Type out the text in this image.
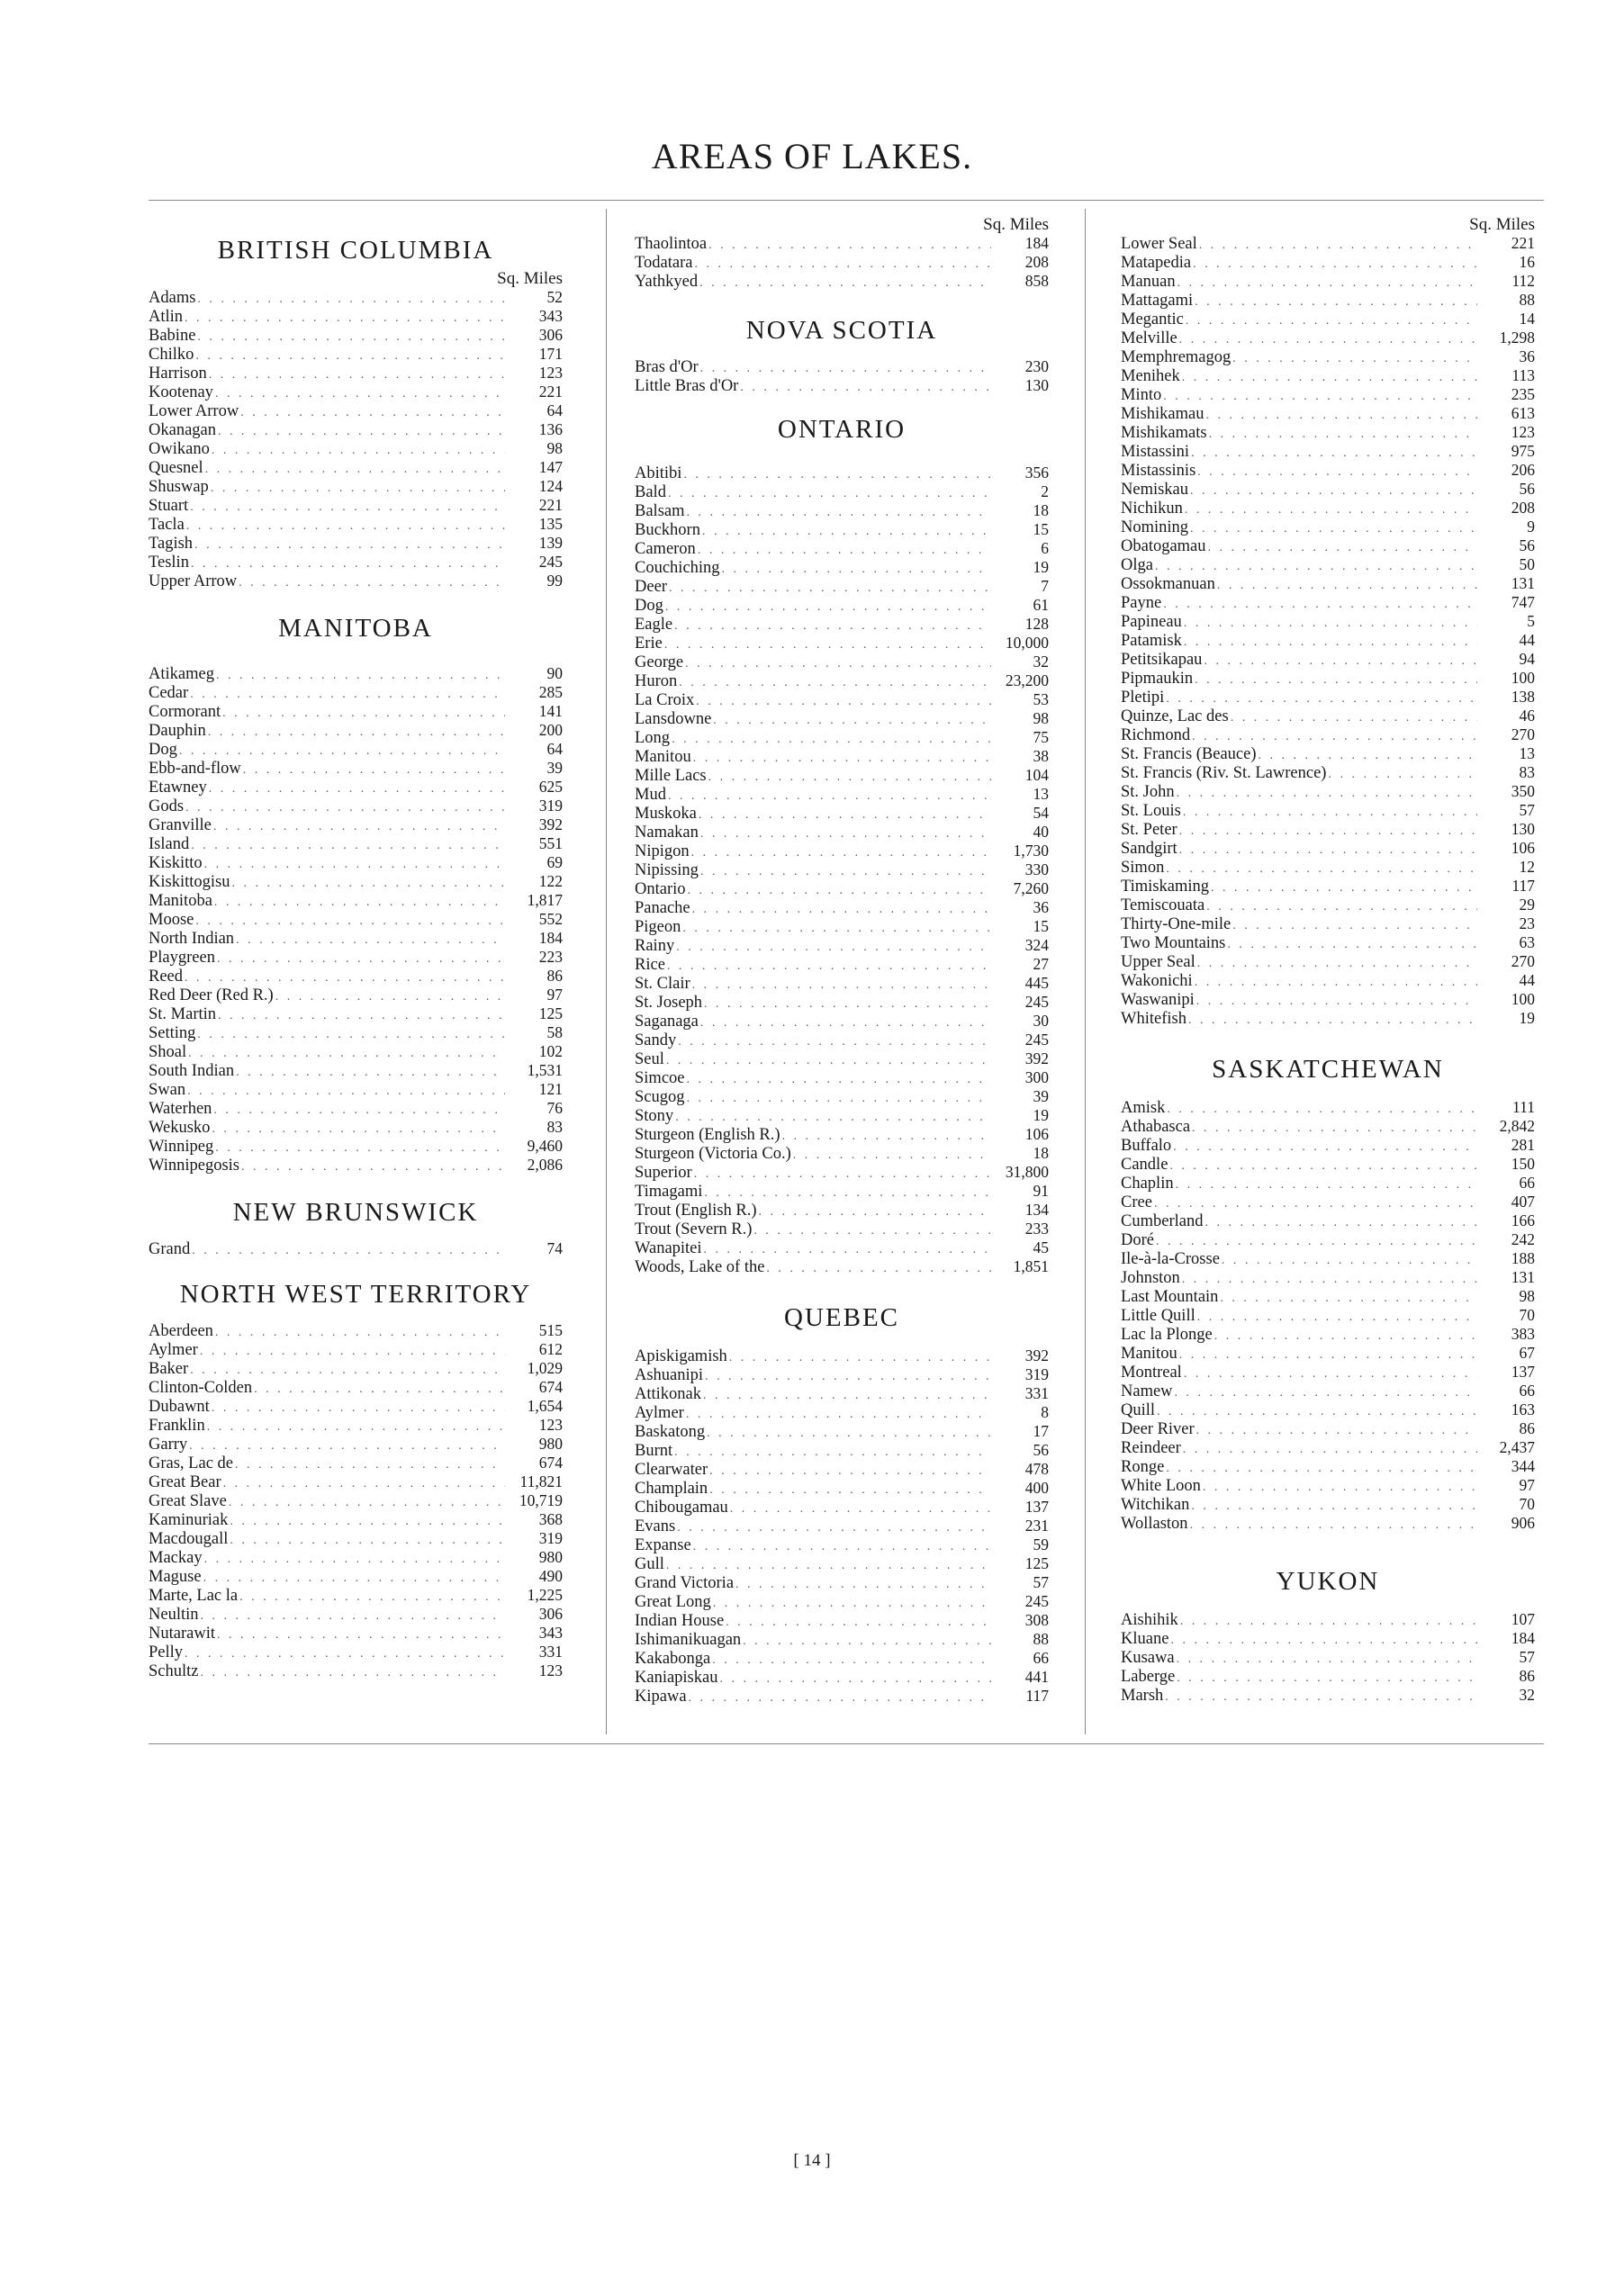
AREAS OF LAKES.
BRITISH COLUMBIA
Sq. Miles
Adams . . .	52
Atlin . . .	343
Babine . . .	306
Chilko . . .	171
Harrison . . .	123
Kootenay . . .	221
Lower Arrow . . .	64
Okanagan . . .	136
Owikano . . .	98
Quesnel . . .	147
Shuswap . . .	124
Stuart . . .	221
Tacla . . .	135
Tagish . . .	139
Teslin . . .	245
Upper Arrow . . .	99
MANITOBA
Atikameg . . .	90
Cedar . . .	285
Cormorant . . .	141
Dauphin . . .	200
Dog . . .	64
Ebb-and-flow . . .	39
Etawney . . .	625
Gods . . .	319
Granville . . .	392
Island . . .	551
Kiskitto . . .	69
Kiskittogisu . . .	122
Manitoba . . .	1,817
Moose . . .	552
North Indian . . .	184
Playgreen . . .	223
Reed . . .	86
Red Deer (Red R.) . . .	97
St. Martin . . .	125
Setting . . .	58
Shoal . . .	102
South Indian . . .	1,531
Swan . . .	121
Waterhen . . .	76
Wekusko . . .	83
Winnipeg . . .	9,460
Winnipegosis . . .	2,086
NEW BRUNSWICK
Grand . . .	74
NORTH WEST TERRITORY
Aberdeen . . .	515
Aylmer . . .	612
Baker . . .	1,029
Clinton-Colden . . .	674
Dubawnt . . .	1,654
Franklin . . .	123
Garry . . .	980
Gras, Lac de . . .	674
Great Bear . . .	11,821
Great Slave . . .	10,719
Kaminuriak . . .	368
Macdougall . . .	319
Mackay . . .	980
Maguse . . .	490
Marte, Lac la . . .	1,225
Neultin . . .	306
Nutarawit . . .	343
Pelly . . .	331
Schultz . . .	123
Sq. Miles
Thaolintoa . . .	184
Todatara . . .	208
Yathkyed . . .	858
NOVA SCOTIA
Bras d'Or . . .	230
Little Bras d'Or . . .	130
ONTARIO
Abitibi . . .	356
Bald . . .	2
Balsam . . .	18
Buckhorn . . .	15
Cameron . . .	6
Couchiching . . .	19
Deer . . .	7
Dog . . .	61
Eagle . . .	128
Erie . . .	10,000
George . . .	32
Huron . . .	23,200
La Croix . . .	53
Lansdowne . . .	98
Long . . .	75
Manitou . . .	38
Mille Lacs . . .	104
Mud . . .	13
Muskoka . . .	54
Namakan . . .	40
Nipigon . . .	1,730
Nipissing . . .	330
Ontario . . .	7,260
Panache . . .	36
Pigeon . . .	15
Rainy . . .	324
Rice . . .	27
St. Clair . . .	445
St. Joseph . . .	245
Saganaga . . .	30
Sandy . . .	245
Seul . . .	392
Simcoe . . .	300
Scugog . . .	39
Stony . . .	19
Sturgeon (English R.) . . .	106
Sturgeon (Victoria Co.) . . .	18
Superior . . .	31,800
Timagami . . .	91
Trout (English R.) . . .	134
Trout (Severn R.) . . .	233
Wanapitei . . .	45
Woods, Lake of the . . .	1,851
QUEBEC
Apiskigamish . . .	392
Ashuanipi . . .	319
Attikonak . . .	331
Aylmer . . .	8
Baskatong . . .	17
Burnt . . .	56
Clearwater . . .	478
Champlain . . .	400
Chibougamau . . .	137
Evans . . .	231
Expanse . . .	59
Gull . . .	125
Grand Victoria . . .	57
Great Long . . .	245
Indian House . . .	308
Ishimanikuagan . . .	88
Kakabonga . . .	66
Kaniapiskau . . .	441
Kipawa . . .	117
Sq. Miles
Lower Seal . . .	221
Matapedia . . .	16
Manuan . . .	112
Mattagami . . .	88
Megantic . . .	14
Melville . . .	1,298
Memphremagog . . .	36
Menihek . . .	113
Minto . . .	235
Mishikamau . . .	613
Mishikamats . . .	123
Mistassini . . .	975
Mistassinis . . .	206
Nemiskau . . .	56
Nichikun . . .	208
Nomining . . .	9
Obatogamau . . .	56
Olga . . .	50
Ossokmanuan . . .	131
Payne . . .	747
Papineau . . .	5
Patamisk . . .	44
Petitsikapau . . .	94
Pipmaukin . . .	100
Pletipi . . .	138
Quinze, Lac des . . .	46
Richmond . . .	270
St. Francis (Beauce) . . .	13
St. Francis (Riv. St. Lawrence) . . .	83
St. John . . .	350
St. Louis . . .	57
St. Peter . . .	130
Sandgirt . . .	106
Simon . . .	12
Timiskaming . . .	117
Temiscouata . . .	29
Thirty-One-mile . . .	23
Two Mountains . . .	63
Upper Seal . . .	270
Wakonichi . . .	44
Waswanipi . . .	100
Whitefish . . .	19
SASKATCHEWAN
Amisk . . .	111
Athabasca . . .	2,842
Buffalo . . .	281
Candle . . .	150
Chaplin . . .	66
Cree . . .	407
Cumberland . . .	166
Doré . . .	242
Ile-à-la-Crosse . . .	188
Johnston . . .	131
Last Mountain . . .	98
Little Quill . . .	70
Lac la Plonge . . .	383
Manitou . . .	67
Montreal . . .	137
Namew . . .	66
Quill . . .	163
Deer River . . .	86
Reindeer . . .	2,437
Ronge . . .	344
White Loon . . .	97
Witchikan . . .	70
Wollaston . . .	906
YUKON
Aishihik . . .	107
Kluane . . .	184
Kusawa . . .	57
Laberge . . .	86
Marsh . . .	32
[ 14 ]
